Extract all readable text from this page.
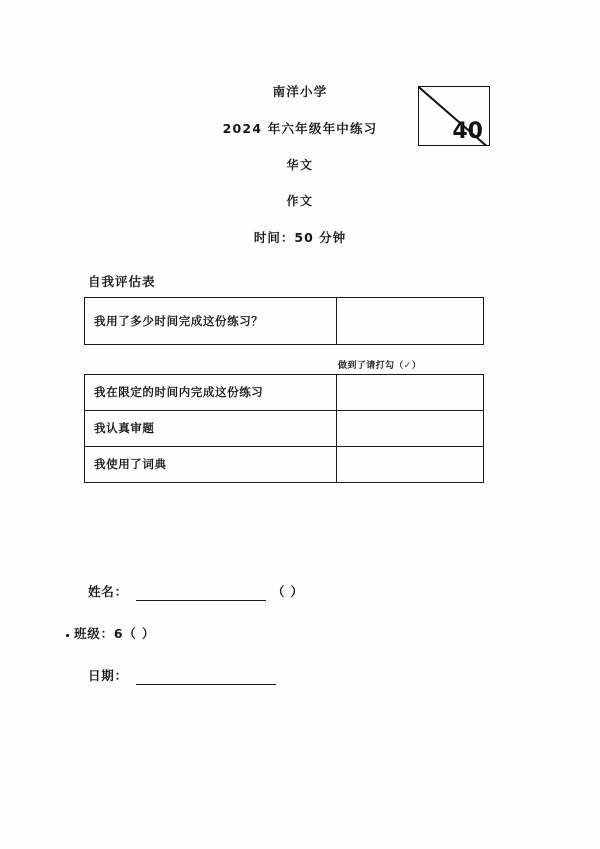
南洋小学
2024 年六年级年中练习
华文
作文
时间：50 分钟
40
自我评估表
我用了多少时间完成这份练习？
做到了请打勾（✓）
我在限定的时间内完成这份练习
我认真审题
我使用了词典
姓名：	（ ）
班级：6（ ）
日期：
